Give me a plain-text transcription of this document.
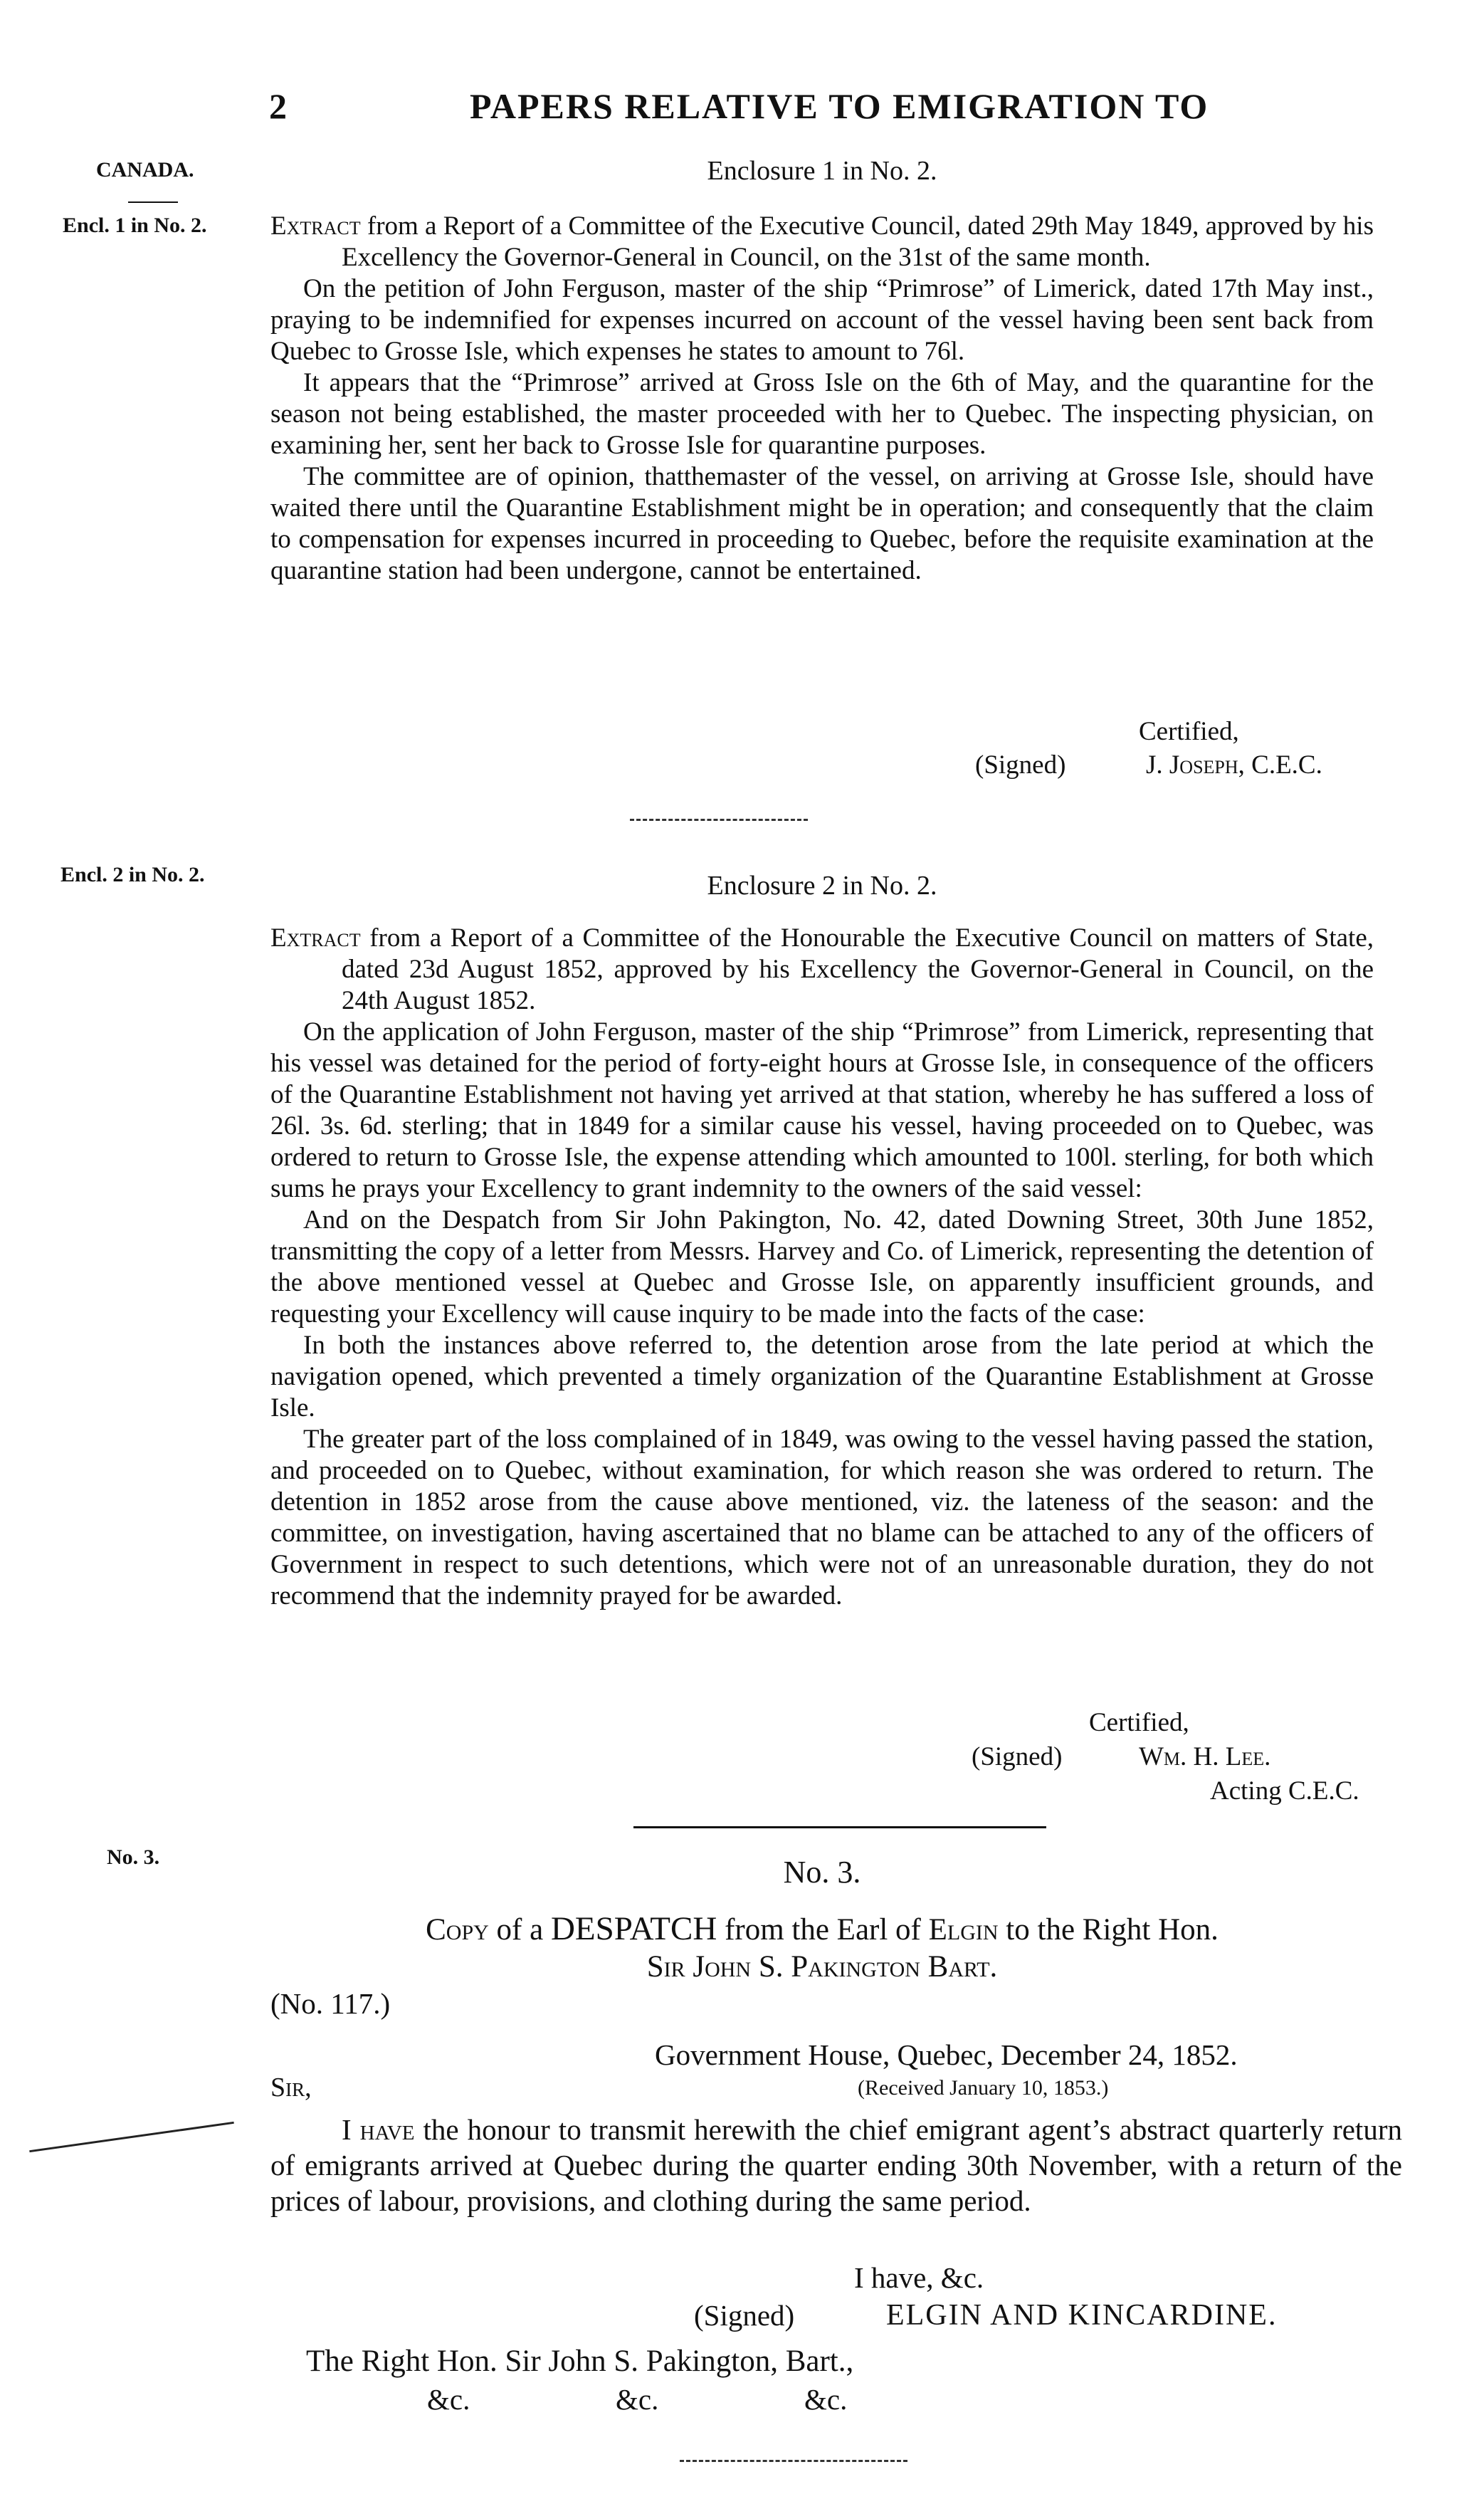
2	PAPERS RELATIVE TO EMIGRATION TO
CANADA.
Encl. 1 in No. 2.
Enclosure 1 in No. 2.

Extract from a Report of a Committee of the Executive Council, dated 29th May 1849, approved by his Excellency the Governor-General in Council, on the 31st of the same month.

On the petition of John Ferguson, master of the ship “Primrose” of Limerick, dated 17th May inst., praying to be indemnified for expenses incurred on account of the vessel having been sent back from Quebec to Grosse Isle, which expenses he states to amount to 76l.

It appears that the “Primrose” arrived at Gross Isle on the 6th of May, and the quarantine for the season not being established, the master proceeded with her to Quebec. The inspecting physician, on examining her, sent her back to Grosse Isle for quarantine purposes.

The committee are of opinion, thatthemaster of the vessel, on arriving at Grosse Isle, should have waited there until the Quarantine Establishment might be in operation; and consequently that the claim to compensation for expenses incurred in proceeding to Quebec, before the requisite examination at the quarantine station had been undergone, cannot be entertained.

Certified,
(Signed)	J. Joseph, C.E.C.
Encl. 2 in No. 2.	Enclosure 2 in No. 2.

Extract from a Report of a Committee of the Honourable the Executive Council on matters of State, dated 23d August 1852, approved by his Excellency the Governor-General in Council, on the 24th August 1852.

On the application of John Ferguson, master of the ship “Primrose” from Limerick, representing that his vessel was detained for the period of forty-eight hours at Grosse Isle, in consequence of the officers of the Quarantine Establishment not having yet arrived at that station, whereby he has suffered a loss of 26l. 3s. 6d. sterling; that in 1849 for a similar cause his vessel, having proceeded on to Quebec, was ordered to return to Grosse Isle, the expense attending which amounted to 100l. sterling, for both which sums he prays your Excellency to grant indemnity to the owners of the said vessel:

And on the Despatch from Sir John Pakington, No. 42, dated Downing Street, 30th June 1852, transmitting the copy of a letter from Messrs. Harvey and Co. of Limerick, representing the detention of the above mentioned vessel at Quebec and Grosse Isle, on apparently insufficient grounds, and requesting your Excellency will cause inquiry to be made into the facts of the case:

In both the instances above referred to, the detention arose from the late period at which the navigation opened, which prevented a timely organization of the Quarantine Establishment at Grosse Isle.

The greater part of the loss complained of in 1849, was owing to the vessel having passed the station, and proceeded on to Quebec, without examination, for which reason she was ordered to return. The detention in 1852 arose from the cause above mentioned, viz. the lateness of the season: and the committee, on investigation, having ascertained that no blame can be attached to any of the officers of Government in respect to such detentions, which were not of an unreasonable duration, they do not recommend that the indemnity prayed for be awarded.

Certified,
(Signed)	Wm. H. Lee.
Acting C.E.C.
No. 3.	No. 3.
Copy of a DESPATCH from the Earl of Elgin to the Right Hon.
Sir John S. Pakington Bart.
(No. 117.)
Government House, Quebec, December 24, 1852.
(Received January 10, 1853.)
Sir,

I have the honour to transmit herewith the chief emigrant agent’s abstract quarterly return of emigrants arrived at Quebec during the quarter ending 30th November, with a return of the prices of labour, provisions, and clothing during the same period.

I have, &c.
(Signed)	ELGIN AND KINCARDINE.
The Right Hon. Sir John S. Pakington, Bart.,
&c.	&c.	&c.
